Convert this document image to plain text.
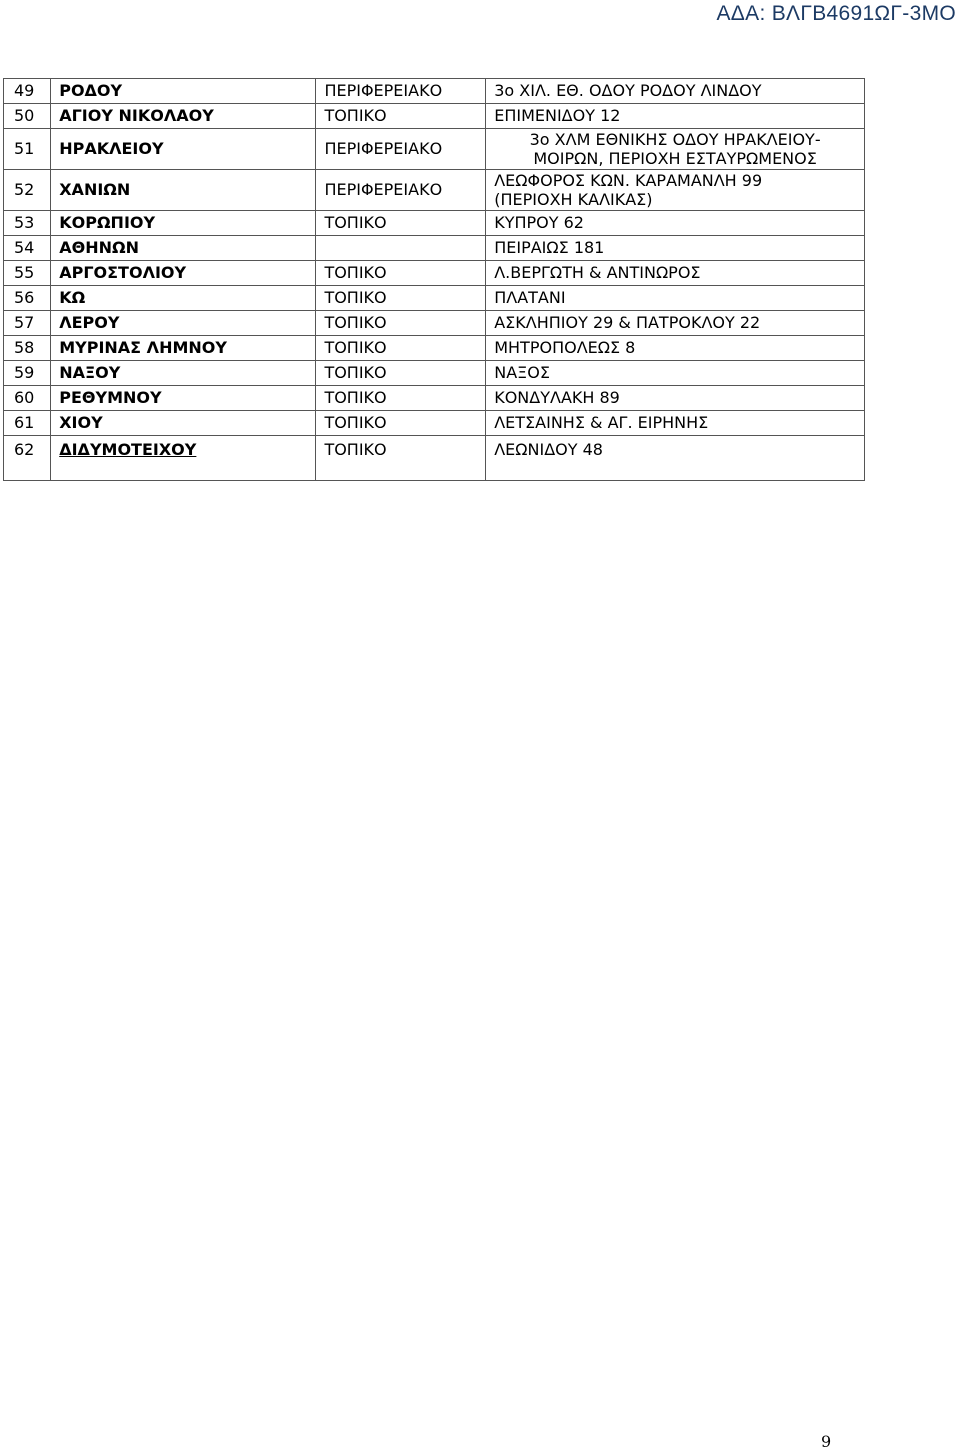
ΑΔΑ: ΒΛΓΒ4691ΩΓ-3ΜΟ
49	ΡΟΔΟΥ	ΠΕΡΙΦΕΡΕΙΑΚΟ	3ο ΧΙΛ. ΕΘ. ΟΔΟΥ ΡΟΔΟΥ ΛΙΝΔΟΥ
50	ΑΓΙΟΥ ΝΙΚΟΛΑΟΥ	ΤΟΠΙΚΟ	ΕΠΙΜΕΝΙΔΟΥ 12
51	ΗΡΑΚΛΕΙΟΥ	ΠΕΡΙΦΕΡΕΙΑΚΟ	3ο ΧΛΜ ΕΘΝΙΚΗΣ ΟΔΟΥ ΗΡΑΚΛΕΙΟΥ-
ΜΟΙΡΩΝ, ΠΕΡΙΟΧΗ ΕΣΤΑΥΡΩΜΕΝΟΣ

52	ΧΑΝΙΩΝ	ΠΕΡΙΦΕΡΕΙΑΚΟ	ΛΕΩΦΟΡΟΣ ΚΩΝ. ΚΑΡΑΜΑΝΛΗ 99
(ΠΕΡΙΟΧΗ ΚΑΛΙΚΑΣ)

53	ΚΟΡΩΠΙΟΥ	ΤΟΠΙΚΟ	ΚΥΠΡΟΥ 62
54	ΑΘΗΝΩΝ		ΠΕΙΡΑΙΩΣ 181
55	ΑΡΓΟΣΤΟΛΙΟΥ	ΤΟΠΙΚΟ	Λ.ΒΕΡΓΩΤΗ & ΑΝΤΙΝΩΡΟΣ
56	ΚΩ	ΤΟΠΙΚΟ	ΠΛΑΤΑΝΙ
57	ΛΕΡΟΥ	ΤΟΠΙΚΟ	ΑΣΚΛΗΠΙΟΥ 29 & ΠΑΤΡΟΚΛΟΥ 22
58	ΜΥΡΙΝΑΣ ΛΗΜΝΟΥ	ΤΟΠΙΚΟ	ΜΗΤΡΟΠΟΛΕΩΣ 8
59	ΝΑΞΟΥ	ΤΟΠΙΚΟ	ΝΑΞΟΣ
60	ΡΕΘΥΜΝΟΥ	ΤΟΠΙΚΟ	ΚΟΝΔΥΛΑΚΗ 89
61	ΧΙΟΥ	ΤΟΠΙΚΟ	ΛΕΤΣΑΙΝΗΣ & ΑΓ. ΕΙΡΗΝΗΣ
62	ΔΙΔΥΜΟΤΕΙΧΟΥ	ΤΟΠΙΚΟ	ΛΕΩΝΙΔΟΥ 48
9
